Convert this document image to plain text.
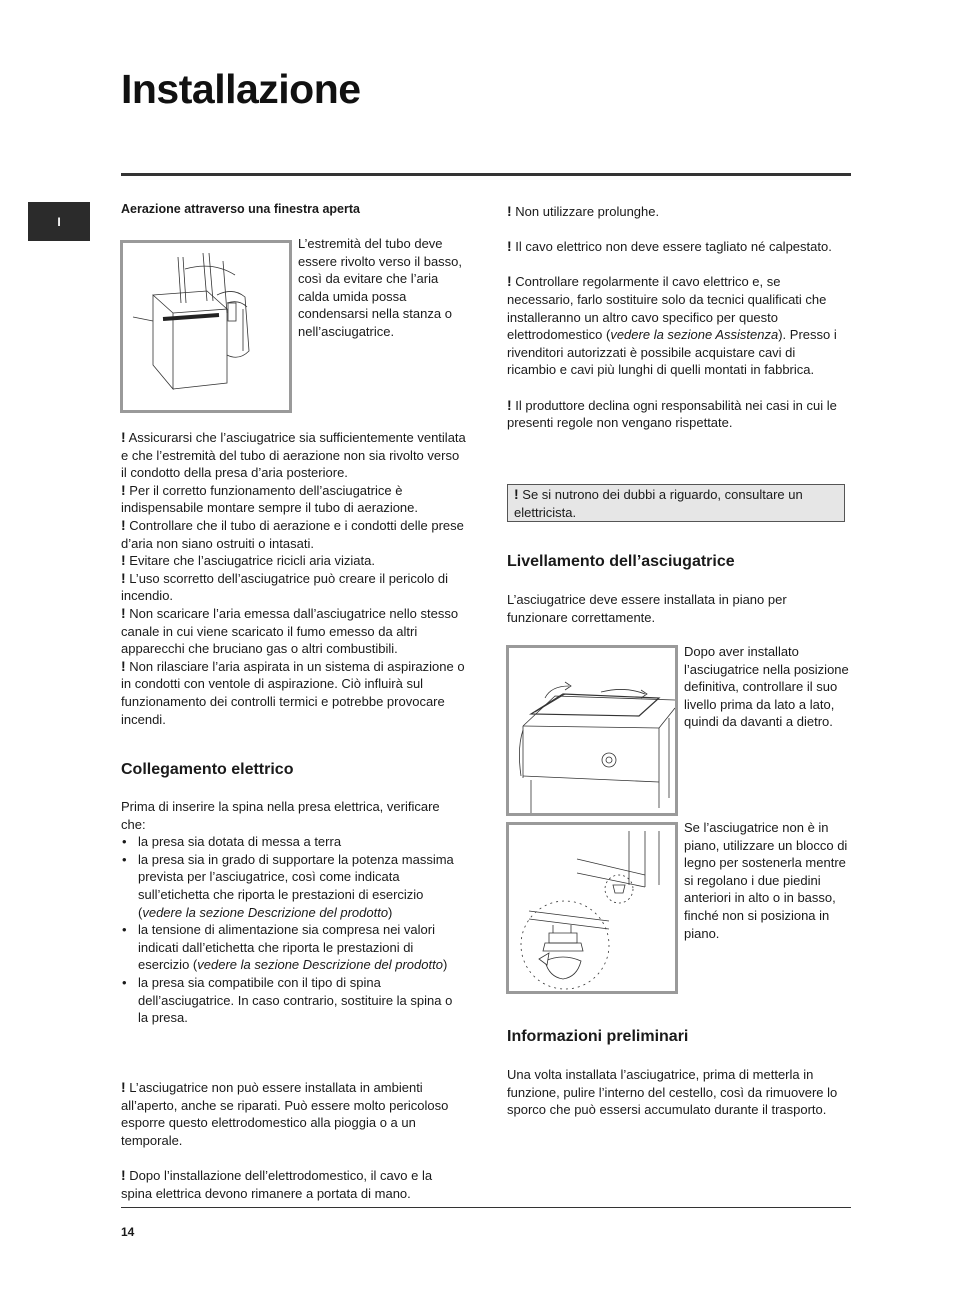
Installazione
I

Aerazione attraverso una finestra aperta

L’estremità del tubo deve essere rivolto verso il basso, così da evitare che l’aria calda umida possa condensarsi nella stanza o nell’asciugatrice.

! Assicurarsi che l’asciugatrice sia sufficientemente ventilata e che l’estremità del tubo di aerazione non sia rivolto verso il condotto della presa d’aria posteriore.

! Per il corretto funzionamento dell’asciugatrice è indispensabile montare sempre il tubo di aerazione.

! Controllare che il tubo di aerazione e i condotti delle prese d’aria non siano ostruiti o intasati.

! Evitare che l’asciugatrice ricicli aria viziata.

! L’uso scorretto dell’asciugatrice può creare il pericolo di incendio.

! Non scaricare l’aria emessa dall’asciugatrice nello stesso canale in cui viene scaricato il fumo emesso da altri apparecchi che bruciano gas o altri combustibili.

! Non rilasciare l’aria aspirata in un sistema di aspirazione o in condotti con ventole di aspirazione. Ciò influirà sul funzionamento dei controlli termici e potrebbe provocare incendi.

Collegamento elettrico

Prima di inserire la spina nella presa elettrica, verificare che:

• la presa sia dotata di messa a terra
• la presa sia in grado di supportare la potenza massima prevista per l’asciugatrice, così come indicata sull’etichetta che riporta le prestazioni di esercizio (vedere la sezione Descrizione del prodotto)
• la tensione di alimentazione sia compresa nei valori indicati dall’etichetta che riporta le prestazioni di esercizio (vedere la sezione Descrizione del prodotto)
• la presa sia compatibile con il tipo di spina dell’asciugatrice. In caso contrario, sostituire la spina o la presa.

! L’asciugatrice non può essere installata in ambienti all’aperto, anche se riparati. Può essere molto pericoloso esporre questo elettrodomestico alla pioggia o a un temporale.

! Dopo l’installazione dell’elettrodomestico, il cavo e la spina elettrica devono rimanere a portata di mano.

! Non utilizzare prolunghe.

! Il cavo elettrico non deve essere tagliato né calpestato.

! Controllare regolarmente il cavo elettrico e, se necessario, farlo sostituire solo da tecnici qualificati che installeranno un altro cavo specifico per questo elettrodomestico (vedere la sezione Assistenza). Presso i rivenditori autorizzati è possibile acquistare cavi di ricambio e cavi più lunghi di quelli montati in fabbrica.

! Il produttore declina ogni responsabilità nei casi in cui le presenti regole non vengano rispettate.

! Se si nutrono dei dubbi a riguardo, consultare un elettricista.

Livellamento dell’asciugatrice

L’asciugatrice deve essere installata in piano per funzionare correttamente.

Dopo aver installato l’asciugatrice nella posizione definitiva, controllare il suo livello prima da lato a lato, quindi da davanti a dietro.
Se l’asciugatrice non è in piano, utilizzare un blocco di legno per sostenerla mentre si regolano i due piedini anteriori in alto o in basso, finché non si posiziona in piano.

Informazioni preliminari

Una volta installata l’asciugatrice, prima di metterla in funzione, pulire l’interno del cestello, così da rimuovere lo sporco che può essersi accumulato durante il trasporto.

14
